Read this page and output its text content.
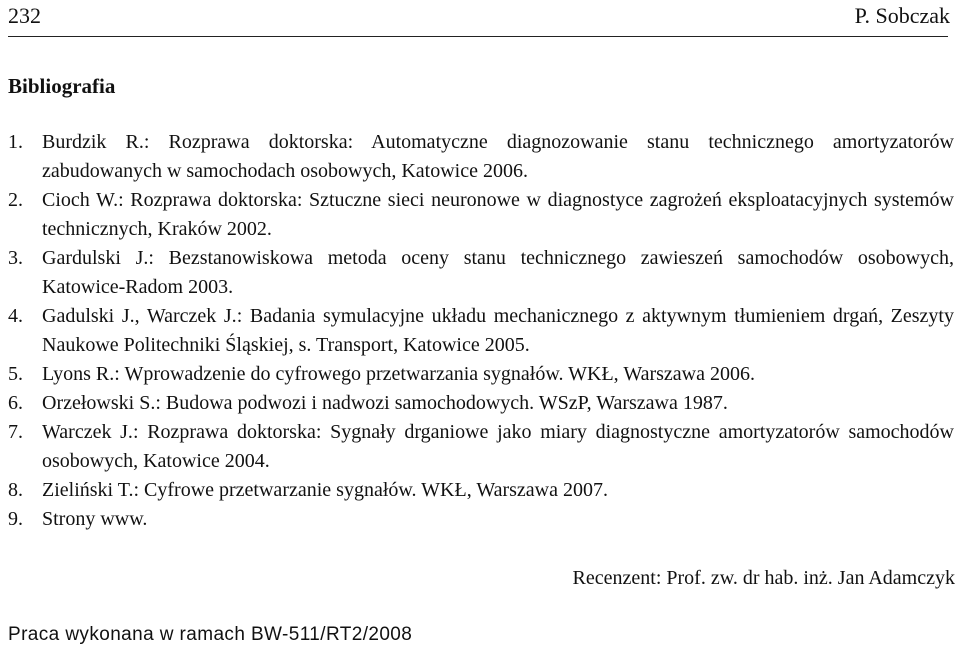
232	P. Sobczak
Bibliografia
1. Burdzik R.: Rozprawa doktorska: Automatyczne diagnozowanie stanu technicznego amortyzatorów zabudowanych w samochodach osobowych, Katowice 2006.
2. Cioch W.: Rozprawa doktorska: Sztuczne sieci neuronowe w diagnostyce zagrożeń eksploatacyjnych systemów technicznych, Kraków 2002.
3. Gardulski J.: Bezstanowiskowa metoda oceny stanu technicznego zawieszeń samochodów osobowych, Katowice-Radom 2003.
4. Gadulski J., Warczek J.: Badania symulacyjne układu mechanicznego z aktywnym tłumieniem drgań, Zeszyty Naukowe Politechniki Śląskiej, s. Transport, Katowice 2005.
5. Lyons R.: Wprowadzenie do cyfrowego przetwarzania sygnałów. WKŁ, Warszawa 2006.
6. Orzełowski S.: Budowa podwozi i nadwozi samochodowych. WSzP, Warszawa 1987.
7. Warczek J.: Rozprawa doktorska: Sygnały drganiowe jako miary diagnostyczne amortyzatorów samochodów osobowych, Katowice 2004.
8. Zieliński T.: Cyfrowe przetwarzanie sygnałów. WKŁ, Warszawa 2007.
9. Strony www.
Recenzent: Prof. zw. dr hab. inż. Jan Adamczyk
Praca wykonana w ramach BW-511/RT2/2008
